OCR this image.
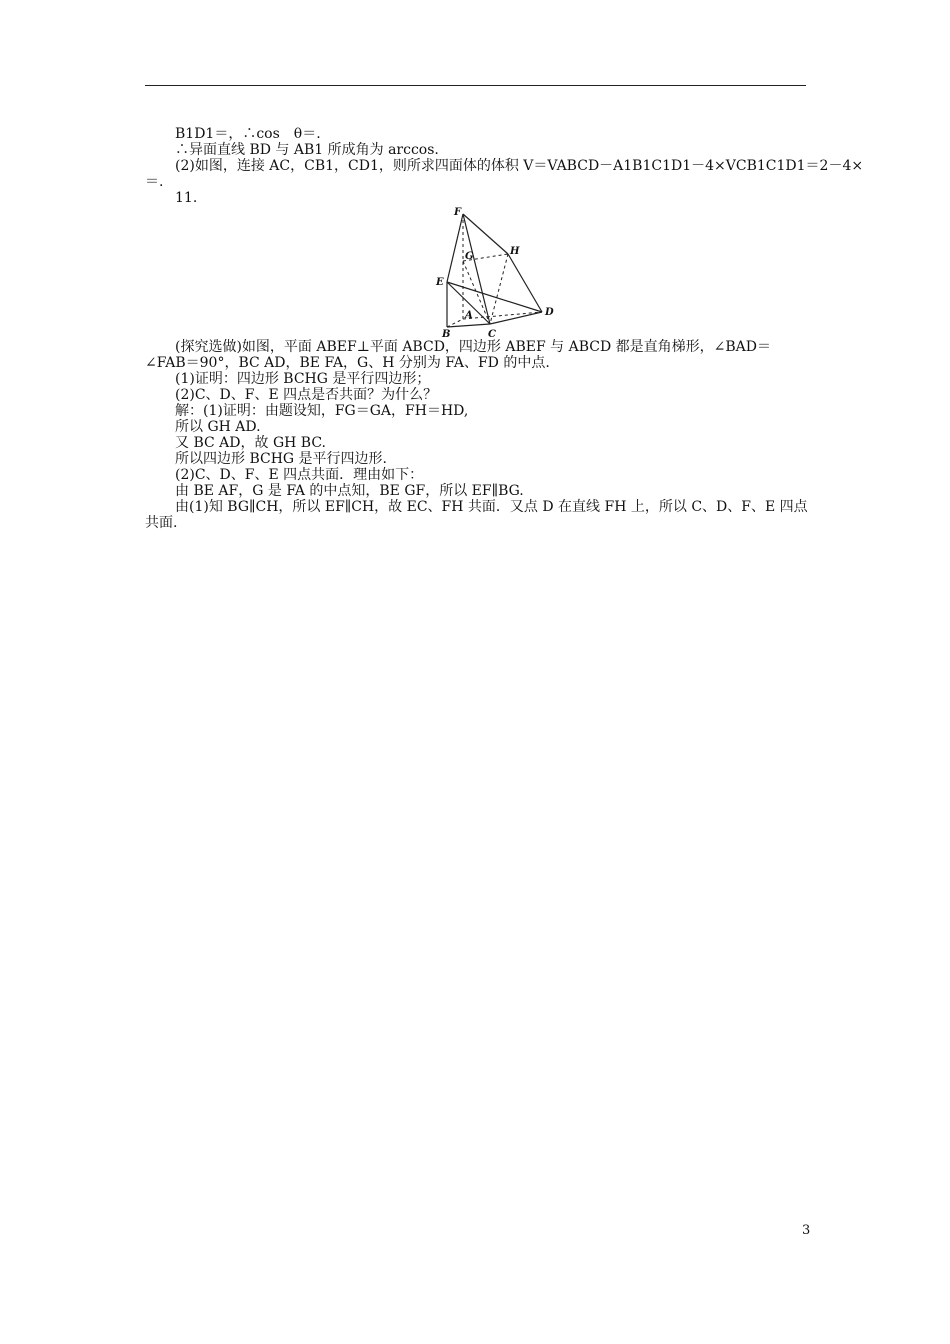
B1D1＝，∴cos　θ＝.
∴异面直线 BD 与 AB1 所成角为 arccos.
(2)如图，连接 AC，CB1，CD1，则所求四面体的体积 V＝VABCD－A1B1C1D1－4×VCB1C1D1＝2－4×
＝.
11.
F
G	H
E
A
B	C
D
(探究选做)如图，平面 ABEF⊥平面 ABCD，四边形 ABEF 与 ABCD 都是直角梯形，∠BAD＝
∠FAB＝90°，BC AD，BE FA，G、H 分别为 FA、FD 的中点.
(1)证明：四边形 BCHG 是平行四边形；
(2)C、D、F、E 四点是否共面？为什么？
解：(1)证明：由题设知，FG＝GA，FH＝HD,
所以 GH AD.
又 BC AD，故 GH BC.
所以四边形 BCHG 是平行四边形.
(2)C、D、F、E 四点共面．理由如下：
由 BE AF，G 是 FA 的中点知，BE GF，所以 EF∥BG.
由(1)知 BG∥CH，所以 EF∥CH，故 EC、FH 共面．又点 D 在直线 FH 上，所以 C、D、F、E 四点
共面.
3
